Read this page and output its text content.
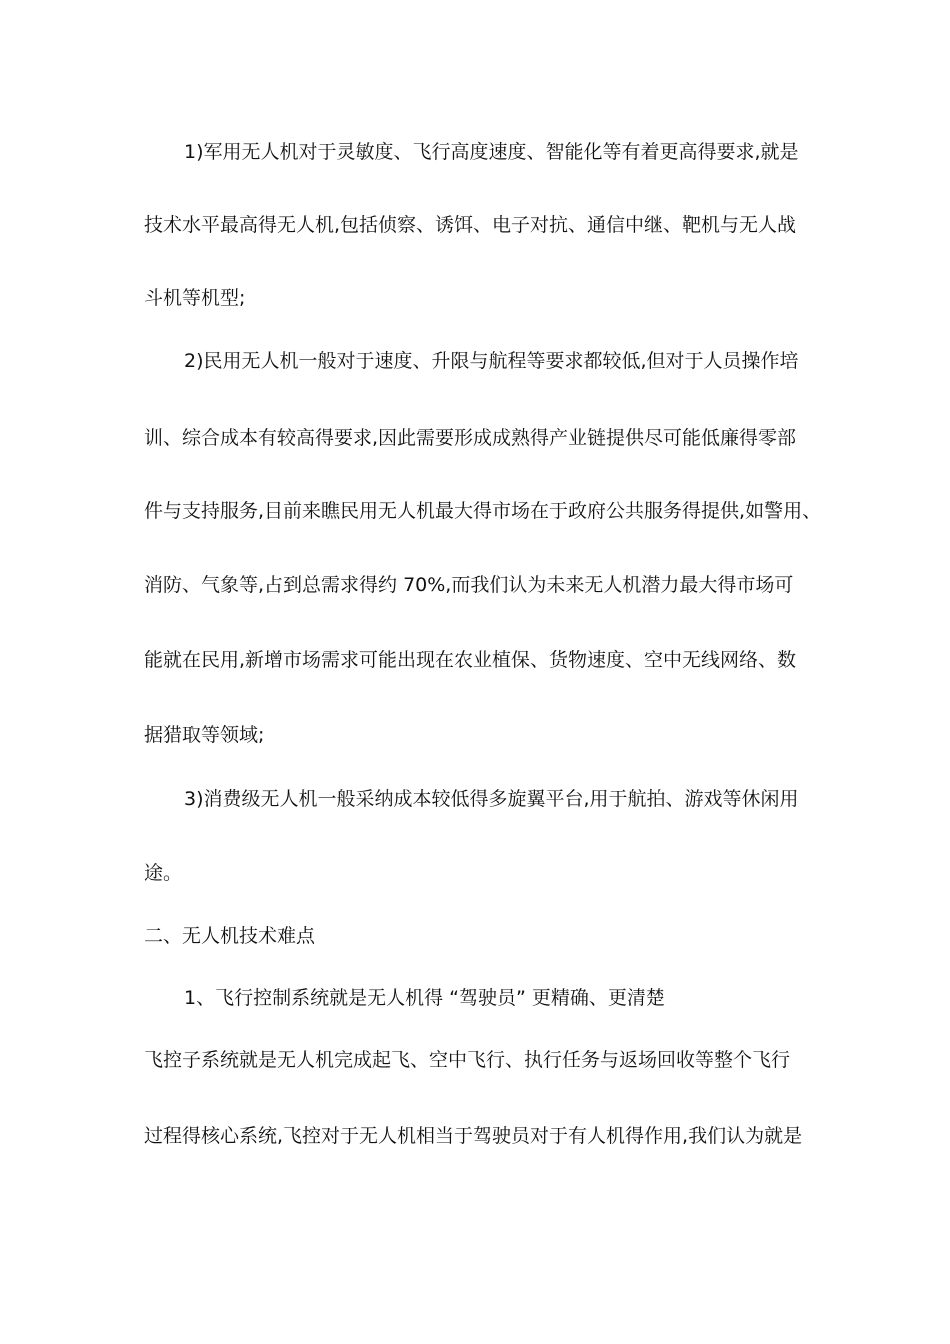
1)军用无人机对于灵敏度、飞行高度速度、智能化等有着更高得要求,就是
技术水平最高得无人机,包括侦察、诱饵、电子对抗、通信中继、靶机与无人战
斗机等机型;
2)民用无人机一般对于速度、升限与航程等要求都较低,但对于人员操作培
训、综合成本有较高得要求,因此需要形成成熟得产业链提供尽可能低廉得零部
件与支持服务,目前来瞧民用无人机最大得市场在于政府公共服务得提供,如警用、
消防、气象等,占到总需求得约 70%,而我们认为未来无人机潜力最大得市场可
能就在民用,新增市场需求可能出现在农业植保、货物速度、空中无线网络、数
据猎取等领域;
3)消费级无人机一般采纳成本较低得多旋翼平台,用于航拍、游戏等休闲用
途。
二、无人机技术难点
1、飞行控制系统就是无人机得 “驾驶员” 更精确、更清楚
飞控子系统就是无人机完成起飞、空中飞行、执行任务与返场回收等整个飞行
过程得核心系统,飞控对于无人机相当于驾驶员对于有人机得作用,我们认为就是
